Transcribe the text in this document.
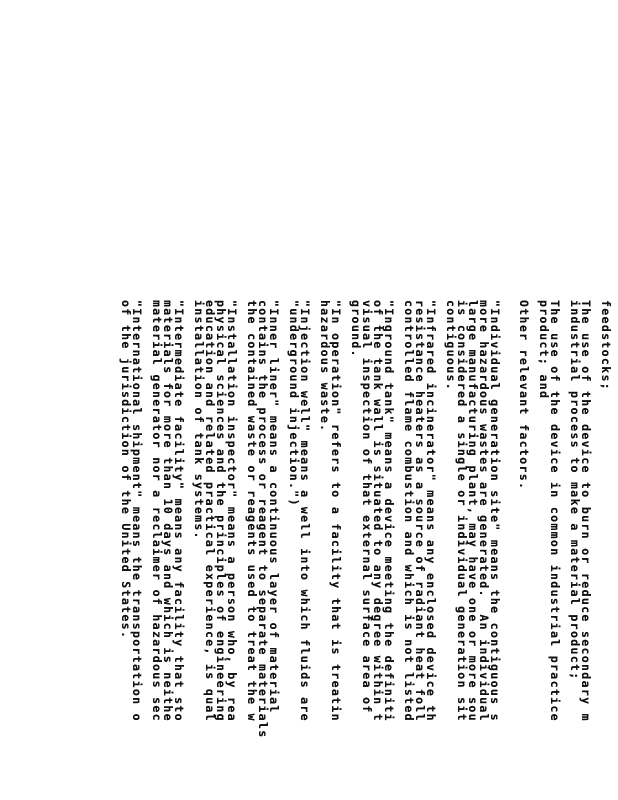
feedstocks;
The use of the device to burn or reduce secondary m
industrial process to make a material product;
The use of the device in common industrial practice
product; and
Other relevant factors.
"Individual generation site" means the contiguous s
more hazardous wastes are generated.  An individual
large manufacturing plant, may have one or more sou
is considered a single or individual generation sit
contiguous.
"Infrared incinerator" means any enclosed device th
resistance heaters as a source of radiant heat foll
controlled flame combustion and which is not listed
"Inground tank" means a device meeting the definiti
of the tank wall is situated to any degree within t
visual inspection of that external surface area of
ground.
"In operation" refers to a facility that is treatin
hazardous waste.
"Injection well" means a well into which fluids are
"underground injection.")
"Inner liner" means a continuous layer of material
contains the process or reagent to separate materials
the contained waste or reagents used to treat the w
"Installation inspector" means a person who, by rea
physical sciences and the principles of engineering
education and related practical experience, is qual
installation of tank systems.
"Intermediate facility" means any facility that sto
materials for more than 10 days and which is neithe
material generator nor a reclaimer of hazardous sec
"International shipment" means the transportation o
of the jurisdiction of the United States.
